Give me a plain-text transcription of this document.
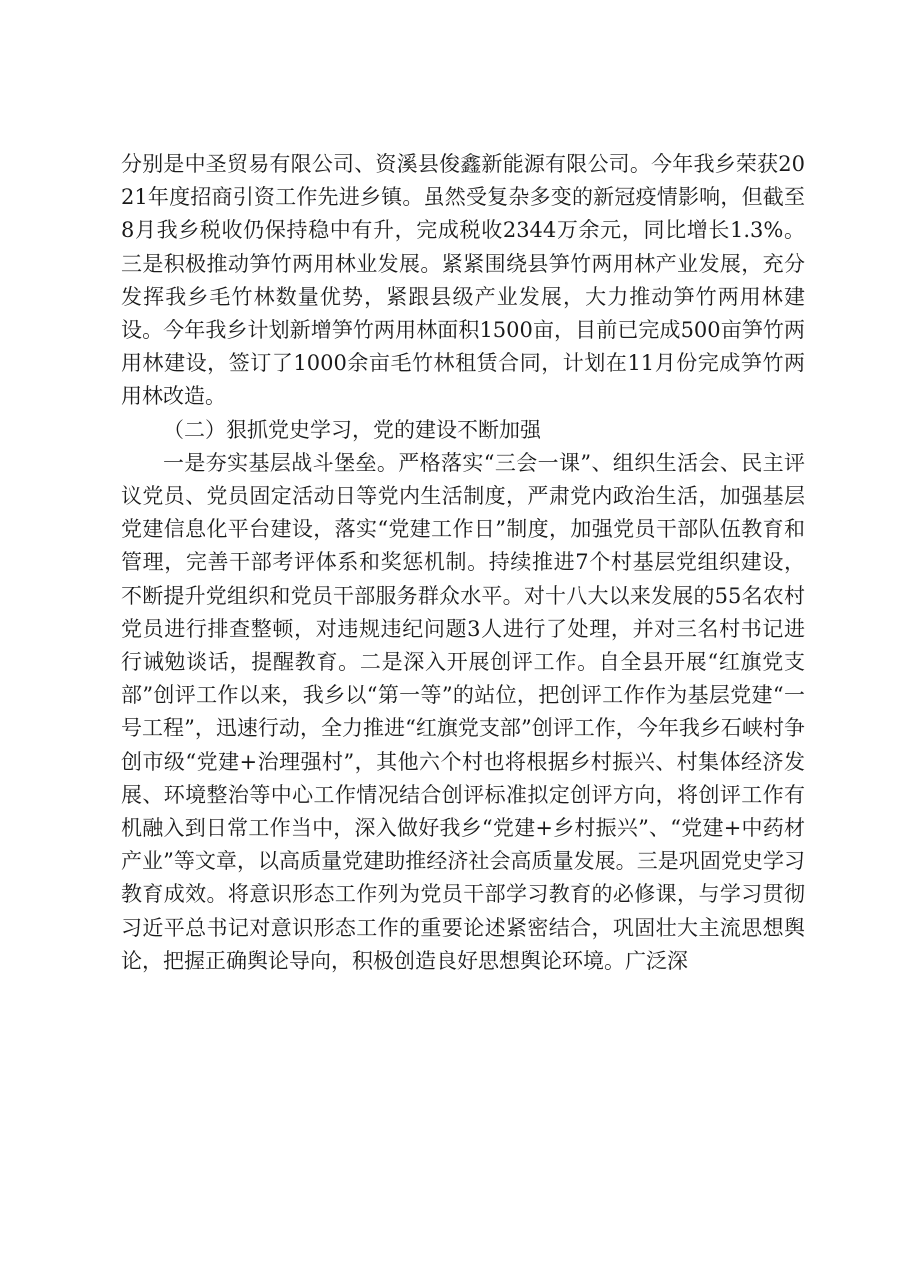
分别是中圣贸易有限公司、资溪县俊鑫新能源有限公司。今年我乡荣获2021年度招商引资工作先进乡镇。虽然受复杂多变的新冠疫情影响，但截至8月我乡税收仍保持稳中有升，完成税收2344万余元，同比增长1.3%。三是积极推动笋竹两用林业发展。紧紧围绕县笋竹两用林产业发展，充分发挥我乡毛竹林数量优势，紧跟县级产业发展，大力推动笋竹两用林建设。今年我乡计划新增笋竹两用林面积1500亩，目前已完成500亩笋竹两用林建设，签订了1000余亩毛竹林租赁合同，计划在11月份完成笋竹两用林改造。

（二）狠抓党史学习，党的建设不断加强

一是夯实基层战斗堡垒。严格落实“三会一课”、组织生活会、民主评议党员、党员固定活动日等党内生活制度，严肃党内政治生活，加强基层党建信息化平台建设，落实“党建工作日”制度，加强党员干部队伍教育和管理，完善干部考评体系和奖惩机制。持续推进7个村基层党组织建设，不断提升党组织和党员干部服务群众水平。对十八大以来发展的55名农村党员进行排查整顿，对违规违纪问题3人进行了处理，并对三名村书记进行诫勉谈话，提醒教育。二是深入开展创评工作。自全县开展“红旗党支部”创评工作以来，我乡以“第一等”的站位，把创评工作作为基层党建“一号工程”，迅速行动，全力推进“红旗党支部”创评工作，今年我乡石峡村争创市级“党建+治理强村”，其他六个村也将根据乡村振兴、村集体经济发展、环境整治等中心工作情况结合创评标准拟定创评方向，将创评工作有机融入到日常工作当中，深入做好我乡“党建+乡村振兴”、“党建+中药材产业”等文章，以高质量党建助推经济社会高质量发展。三是巩固党史学习教育成效。将意识形态工作列为党员干部学习教育的必修课，与学习贯彻习近平总书记对意识形态工作的重要论述紧密结合，巩固壮大主流思想舆论，把握正确舆论导向，积极创造良好思想舆论环境。广泛深
